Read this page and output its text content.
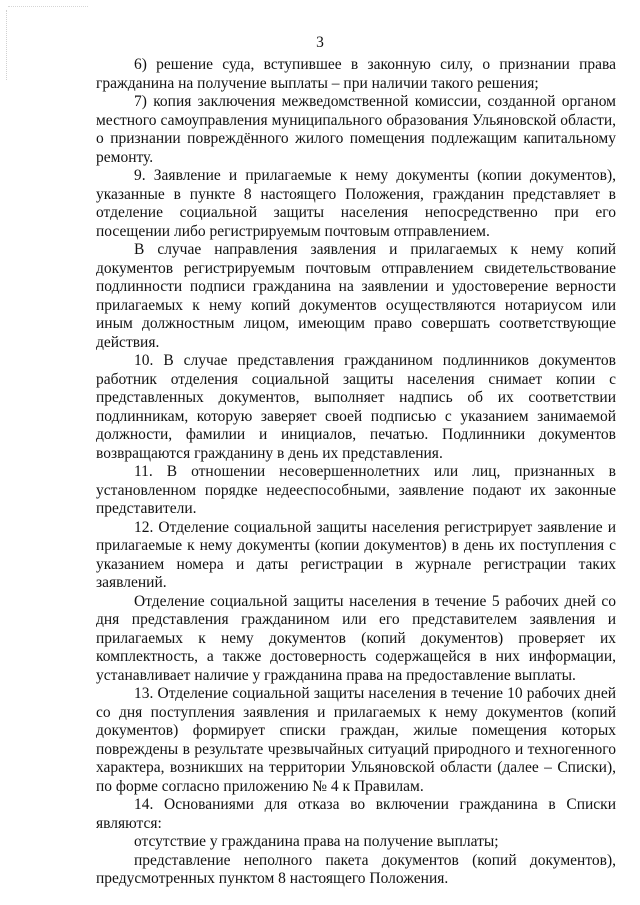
3

6) решение суда, вступившее в законную силу, о признании права гражданина на получение выплаты – при наличии такого решения;

7) копия заключения межведомственной комиссии, созданной органом местного самоуправления муниципального образования Ульяновской области, о признании повреждённого жилого помещения подлежащим капитальному ремонту.

9. Заявление и прилагаемые к нему документы (копии документов), указанные в пункте 8 настоящего Положения, гражданин представляет в отделение социальной защиты населения непосредственно при его посещении либо регистрируемым почтовым отправлением.

В случае направления заявления и прилагаемых к нему копий документов регистрируемым почтовым отправлением свидетельствование подлинности подписи гражданина на заявлении и удостоверение верности прилагаемых к нему копий документов осуществляются нотариусом или иным должностным лицом, имеющим право совершать соответствующие действия.

10. В случае представления гражданином подлинников документов работник отделения социальной защиты населения снимает копии с представленных документов, выполняет надпись об их соответствии подлинникам, которую заверяет своей подписью с указанием занимаемой должности, фамилии и инициалов, печатью. Подлинники документов возвращаются гражданину в день их представления.

11. В отношении несовершеннолетних или лиц, признанных в установленном порядке недееспособными, заявление подают их законные представители.

12. Отделение социальной защиты населения регистрирует заявление и прилагаемые к нему документы (копии документов) в день их поступления с указанием номера и даты регистрации в журнале регистрации таких заявлений.

Отделение социальной защиты населения в течение 5 рабочих дней со дня представления гражданином или его представителем заявления и прилагаемых к нему документов (копий документов) проверяет их комплектность, а также достоверность содержащейся в них информации, устанавливает наличие у гражданина права на предоставление выплаты.

13. Отделение социальной защиты населения в течение 10 рабочих дней со дня поступления заявления и прилагаемых к нему документов (копий документов) формирует списки граждан, жилые помещения которых повреждены в результате чрезвычайных ситуаций природного и техногенного характера, возникших на территории Ульяновской области (далее – Списки), по форме согласно приложению № 4 к Правилам.

14. Основаниями для отказа во включении гражданина в Списки являются:

отсутствие у гражданина права на получение выплаты;

представление неполного пакета документов (копий документов), предусмотренных пунктом 8 настоящего Положения.
